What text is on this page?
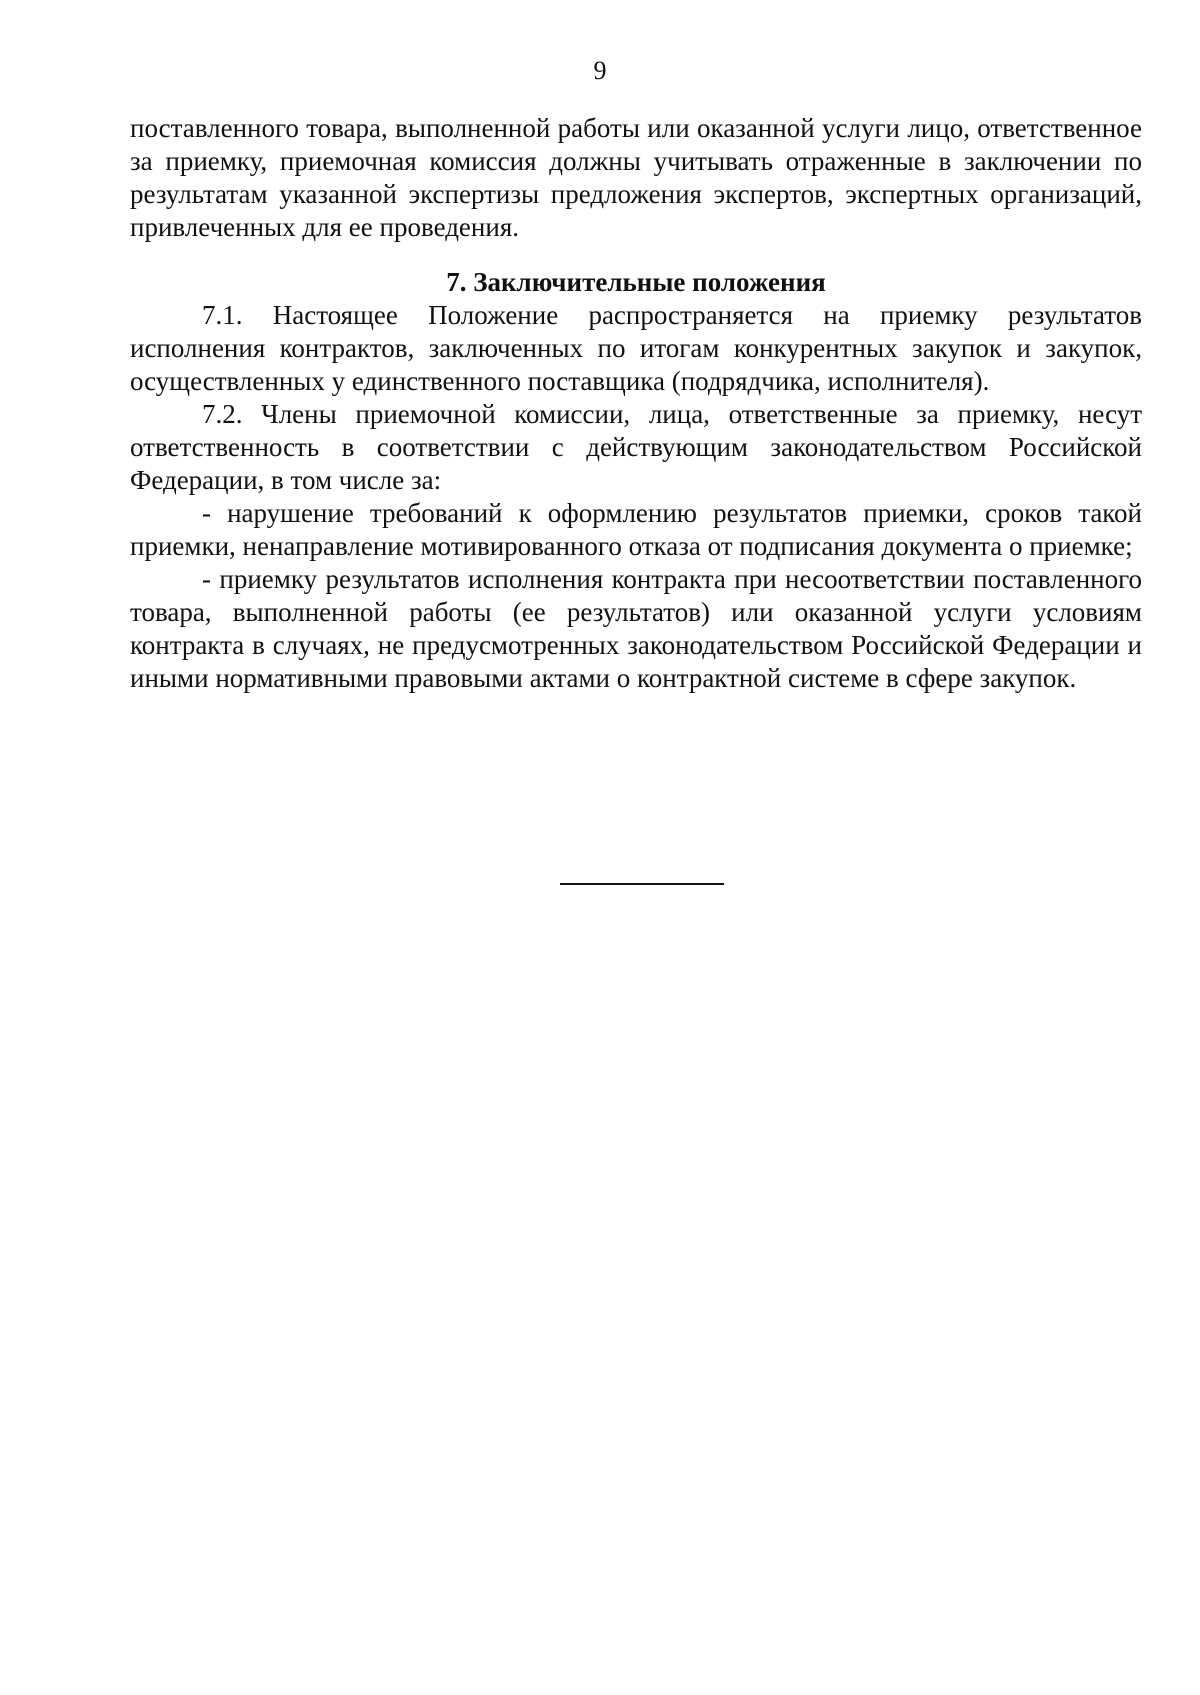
9

поставленного товара, выполненной работы или оказанной услуги лицо, ответственное за приемку, приемочная комиссия должны учитывать отраженные в заключении по результатам указанной экспертизы предложения экспертов, экспертных организаций, привлеченных для ее проведения.

7. Заключительные положения

7.1. Настоящее Положение распространяется на приемку результатов исполнения контрактов, заключенных по итогам конкурентных закупок и закупок, осуществленных у единственного поставщика (подрядчика, исполнителя).

7.2. Члены приемочной комиссии, лица, ответственные за приемку, несут ответственность в соответствии с действующим законодательством Российской Федерации, в том числе за:

- нарушение требований к оформлению результатов приемки, сроков такой приемки, ненаправление мотивированного отказа от подписания документа о приемке;

- приемку результатов исполнения контракта при несоответствии поставленного товара, выполненной работы (ее результатов) или оказанной услуги условиям контракта в случаях, не предусмотренных законодательством Российской Федерации и иными нормативными правовыми актами о контрактной системе в сфере закупок.
